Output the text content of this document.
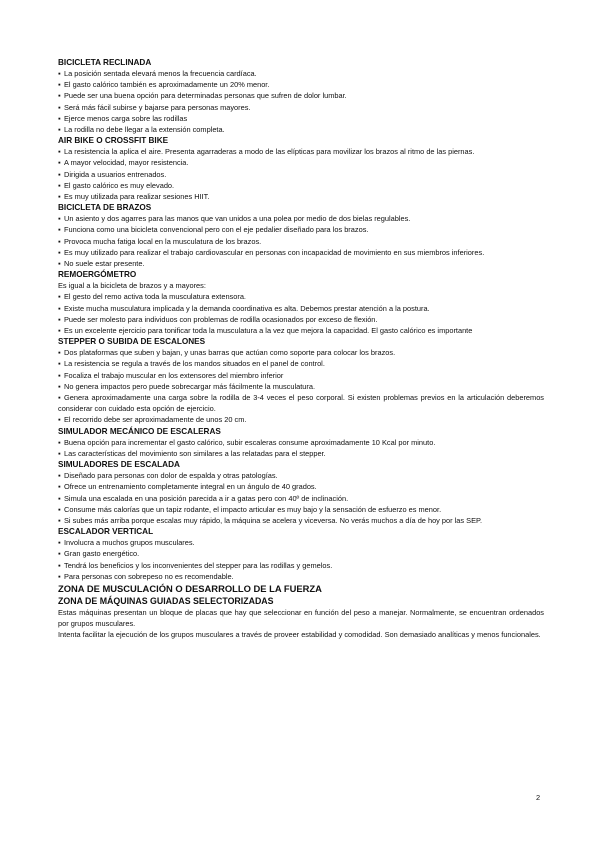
BICICLETA RECLINADA
▪ La posición sentada elevará menos la frecuencia cardíaca.
▪ El gasto calórico también es aproximadamente un 20% menor.
▪ Puede ser una buena opción para determinadas personas que sufren de dolor lumbar.
▪ Será más fácil subirse y bajarse para personas mayores.
▪ Ejerce menos carga sobre las rodillas
▪ La rodilla no debe llegar a la extensión completa.
AIR BIKE O CROSSFIT BIKE
▪ La resistencia la aplica el aire. Presenta agarraderas a modo de las elípticas para movilizar los brazos al ritmo de las piernas.
▪ A mayor velocidad, mayor resistencia.
▪ Dirigida a usuarios entrenados.
▪ El gasto calórico es muy elevado.
▪ Es muy utilizada para realizar sesiones HIIT.
BICICLETA DE BRAZOS
▪ Un asiento y dos agarres para las manos que van unidos a una polea por medio de dos bielas regulables.
▪ Funciona como una bicicleta convencional pero con el eje pedalier diseñado para los brazos.
▪ Provoca mucha fatiga local en la musculatura de los brazos.
▪ Es muy utilizado para realizar el trabajo cardiovascular en personas con incapacidad de movimiento en sus miembros inferiores.
▪ No suele estar presente.
REMOERGÓMETRO
Es igual a la bicicleta de brazos y a mayores:
▪ El gesto del remo activa toda la musculatura extensora.
▪ Existe mucha musculatura implicada y la demanda coordinativa es alta. Debemos prestar atención a la postura.
▪ Puede ser molesto para individuos con problemas de rodilla ocasionados por exceso de flexión.
▪ Es un excelente ejercicio para tonificar toda la musculatura a la vez que mejora la capacidad. El gasto calórico es importante
STEPPER O SUBIDA DE ESCALONES
▪ Dos plataformas que suben y bajan, y unas barras que actúan como soporte para colocar los brazos.
▪ La resistencia se regula a través de los mandos situados en el panel de control.
▪ Focaliza el trabajo muscular en los extensores del miembro inferior
▪ No genera impactos pero puede sobrecargar más fácilmente la musculatura.
▪ Genera aproximadamente una carga sobre la rodilla de 3-4 veces el peso corporal. Si existen problemas previos en la articulación deberemos considerar con cuidado esta opción de ejercicio.
▪ El recorrido debe ser aproximadamente de unos 20 cm.
SIMULADOR MECÁNICO DE ESCALERAS
▪ Buena opción para incrementar el gasto calórico, subir escaleras consume aproximadamente 10 Kcal por minuto.
▪ Las características del movimiento son similares a las relatadas para el stepper.
SIMULADORES DE ESCALADA
▪ Diseñado para personas con dolor de espalda y otras patologías.
▪ Ofrece un entrenamiento completamente integral en un ángulo de 40 grados.
▪ Simula una escalada en una posición parecida a ir a gatas pero con 40º de inclinación.
▪ Consume más calorías que un tapiz rodante, el impacto articular es muy bajo y la sensación de esfuerzo es menor.
▪ Si subes más arriba porque escalas muy rápido, la máquina se acelera y viceversa. No verás muchos a día de hoy por las SEP.
ESCALADOR VERTICAL
▪ Involucra a muchos grupos musculares.
▪ Gran gasto energético.
▪ Tendrá los beneficios y los inconvenientes del stepper para las rodillas y gemelos.
▪ Para personas con sobrepeso no es recomendable.
ZONA DE MUSCULACIÓN O DESARROLLO DE LA FUERZA
ZONA DE MÁQUINAS GUIADAS SELECTORIZADAS
Estas máquinas presentan un bloque de placas que hay que seleccionar en función del peso a manejar. Normalmente, se encuentran ordenados por grupos musculares.
Intenta facilitar la ejecución de los grupos musculares a través de proveer estabilidad y comodidad. Son demasiado analíticas y menos funcionales.
2
